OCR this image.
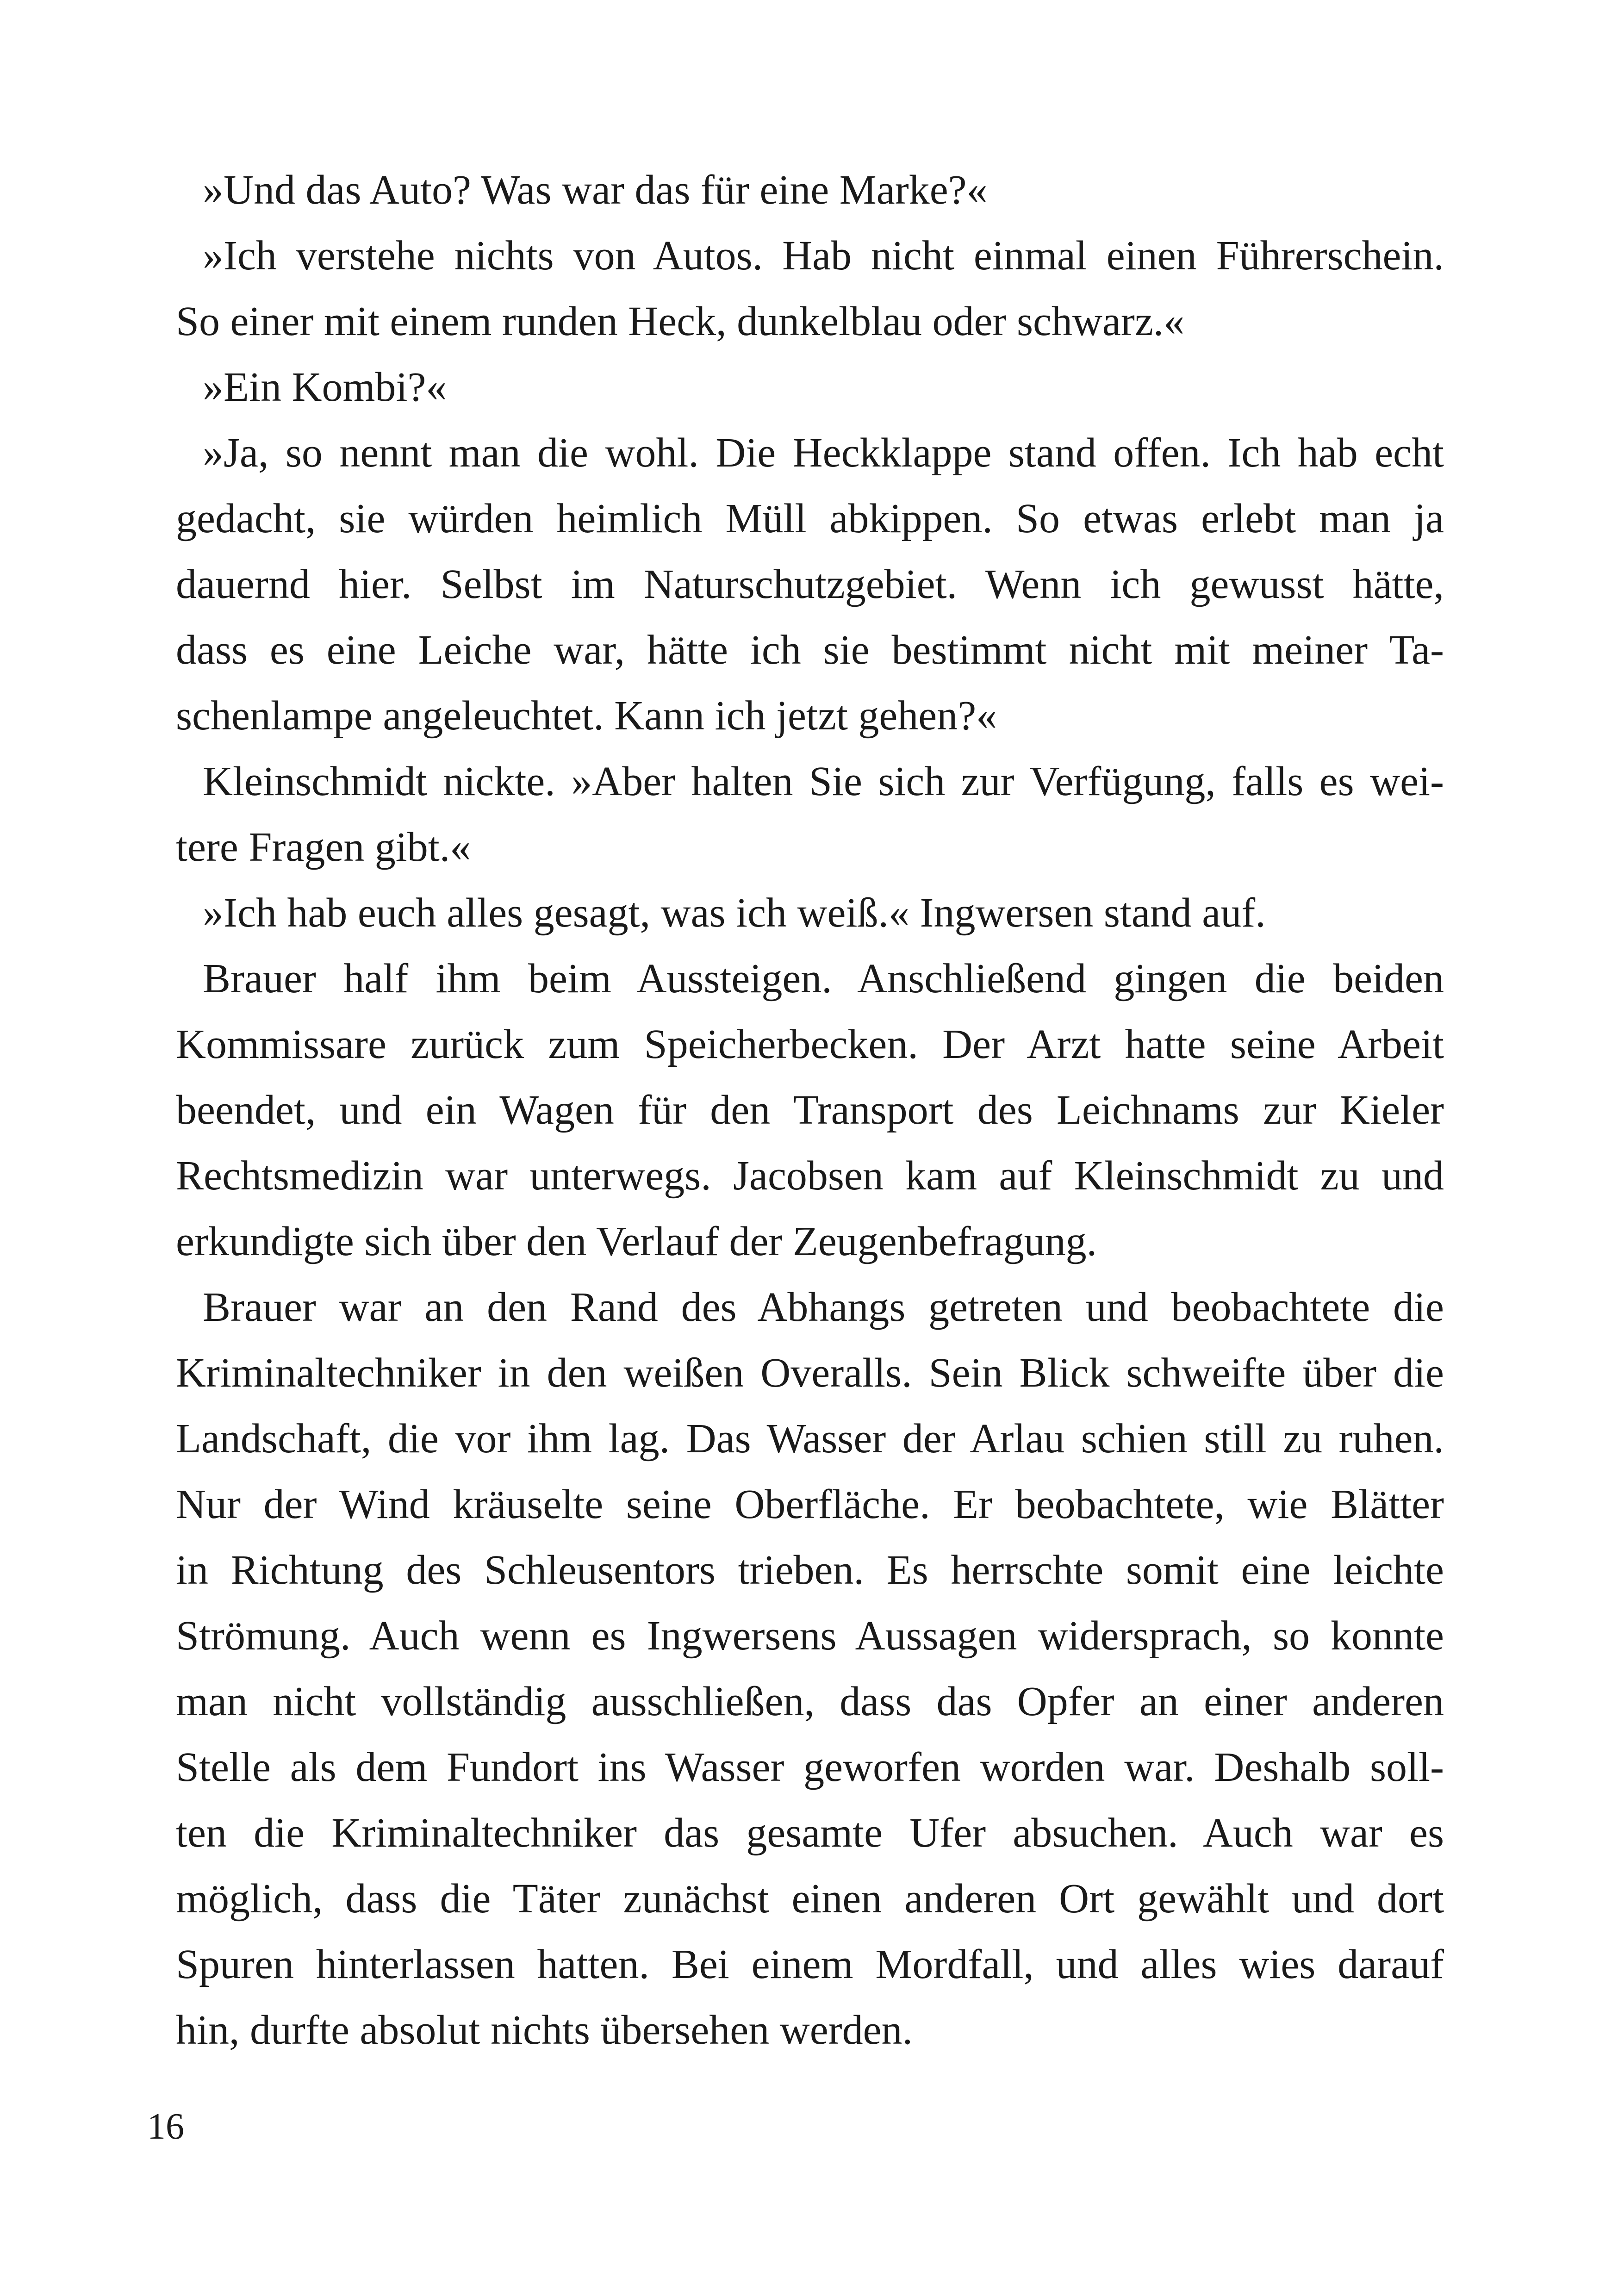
»Und das Auto? Was war das für eine Marke?«
»Ich verstehe nichts von Autos. Hab nicht einmal einen Führerschein.
So einer mit einem runden Heck, dunkelblau oder schwarz.«
»Ein Kombi?«
»Ja, so nennt man die wohl. Die Heckklappe stand offen. Ich hab echt
gedacht, sie würden heimlich Müll abkippen. So etwas erlebt man ja
dauernd hier. Selbst im Naturschutzgebiet. Wenn ich gewusst hätte,
dass es eine Leiche war, hätte ich sie bestimmt nicht mit meiner Ta-
schenlampe angeleuchtet. Kann ich jetzt gehen?«
Kleinschmidt nickte. »Aber halten Sie sich zur Verfügung, falls es wei-
tere Fragen gibt.«
»Ich hab euch alles gesagt, was ich weiß.« Ingwersen stand auf.
Brauer half ihm beim Aussteigen. Anschließend gingen die beiden
Kommissare zurück zum Speicherbecken. Der Arzt hatte seine Arbeit
beendet, und ein Wagen für den Transport des Leichnams zur Kieler
Rechtsmedizin war unterwegs. Jacobsen kam auf Kleinschmidt zu und
erkundigte sich über den Verlauf der Zeugenbefragung.
Brauer war an den Rand des Abhangs getreten und beobachtete die
Kriminaltechniker in den weißen Overalls. Sein Blick schweifte über die
Landschaft, die vor ihm lag. Das Wasser der Arlau schien still zu ruhen.
Nur der Wind kräuselte seine Oberfläche. Er beobachtete, wie Blätter
in Richtung des Schleusentors trieben. Es herrschte somit eine leichte
Strömung. Auch wenn es Ingwersens Aussagen widersprach, so konnte
man nicht vollständig ausschließen, dass das Opfer an einer anderen
Stelle als dem Fundort ins Wasser geworfen worden war. Deshalb soll-
ten die Kriminaltechniker das gesamte Ufer absuchen. Auch war es
möglich, dass die Täter zunächst einen anderen Ort gewählt und dort
Spuren hinterlassen hatten. Bei einem Mordfall, und alles wies darauf
hin, durfte absolut nichts übersehen werden.
16
